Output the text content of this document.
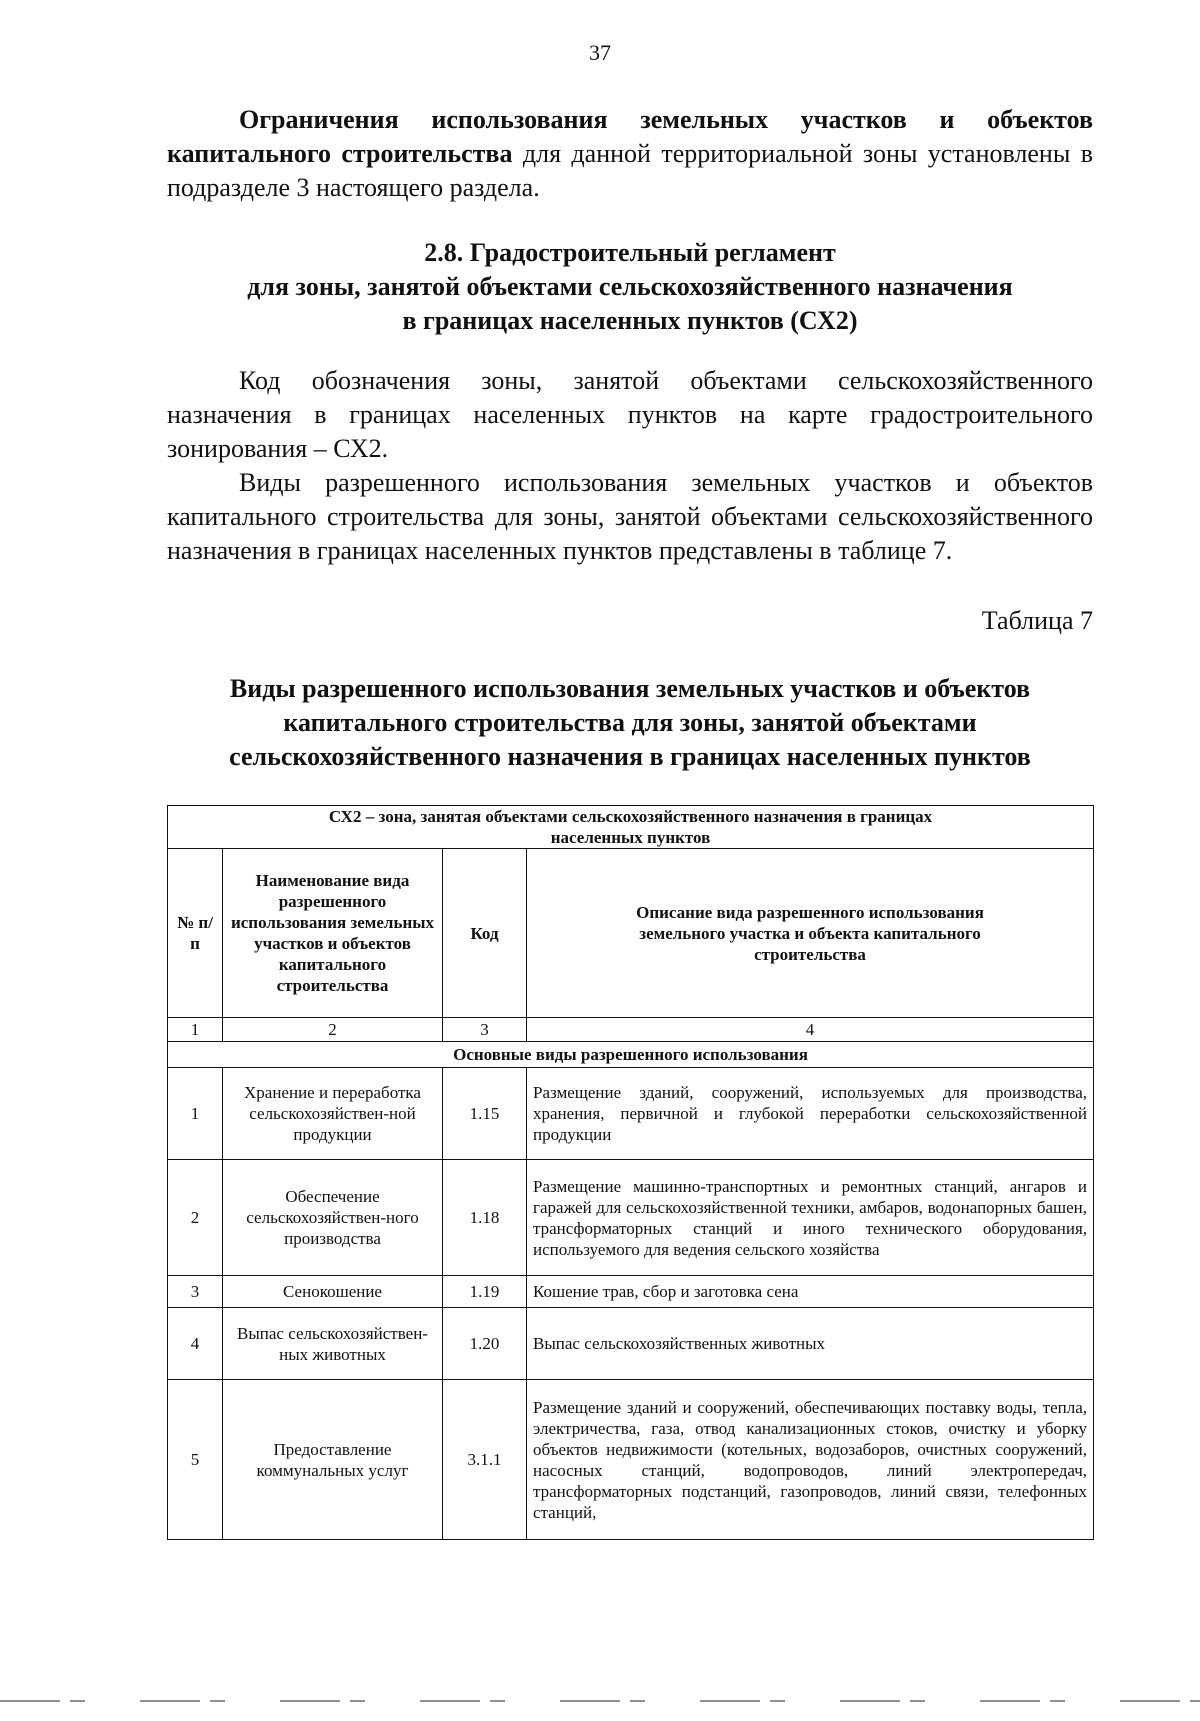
37

Ограничения использования земельных участков и объектов капитального строительства для данной территориальной зоны установлены в подразделе 3 настоящего раздела.

2.8. Градостроительный регламент
для зоны, занятой объектами сельскохозяйственного назначения
в границах населенных пунктов (СХ2)

Код обозначения зоны, занятой объектами сельскохозяйственного назначения в границах населенных пунктов на карте градостроительного зонирования – СХ2.

Виды разрешенного использования земельных участков и объектов капитального строительства для зоны, занятой объектами сельскохозяйственного назначения в границах населенных пунктов представлены в таблице 7.

Таблица 7
Виды разрешенного использования земельных участков и объектов
капитального строительства для зоны, занятой объектами
сельскохозяйственного назначения в границах населенных пунктов
СХ2 – зона, занятая объектами сельскохозяйственного назначения в границах населенных пунктов			
№ п/п	Наименование вида разрешенного использования земельных участков и объектов капитального строительства	Код	Описание вида разрешенного использования земельного участка и объекта капитального строительства
1	2	3	4
Основные виды разрешенного использования			
1	Хранение и переработка сельскохозяйствен-ной продукции	1.15	Размещение зданий, сооружений, используемых для производства, хранения, первичной и глубокой переработки сельскохозяйственной продукции
2	Обеспечение сельскохозяйствен-ного производства	1.18	Размещение машинно-транспортных и ремонтных станций, ангаров и гаражей для сельскохозяйственной техники, амбаров, водонапорных башен, трансформаторных станций и иного технического оборудования, используемого для ведения сельского хозяйства
3	Сенокошение	1.19	Кошение трав, сбор и заготовка сена
4	Выпас сельскохозяйствен-ных животных	1.20	Выпас сельскохозяйственных животных
5	Предоставление коммунальных услуг	3.1.1	Размещение зданий и сооружений, обеспечивающих поставку воды, тепла, электричества, газа, отвод канализационных стоков, очистку и уборку объектов недвижимости (котельных, водозаборов, очистных сооружений, насосных станций, водопроводов, линий электропередач, трансформаторных подстанций, газопроводов, линий связи, телефонных станций,
